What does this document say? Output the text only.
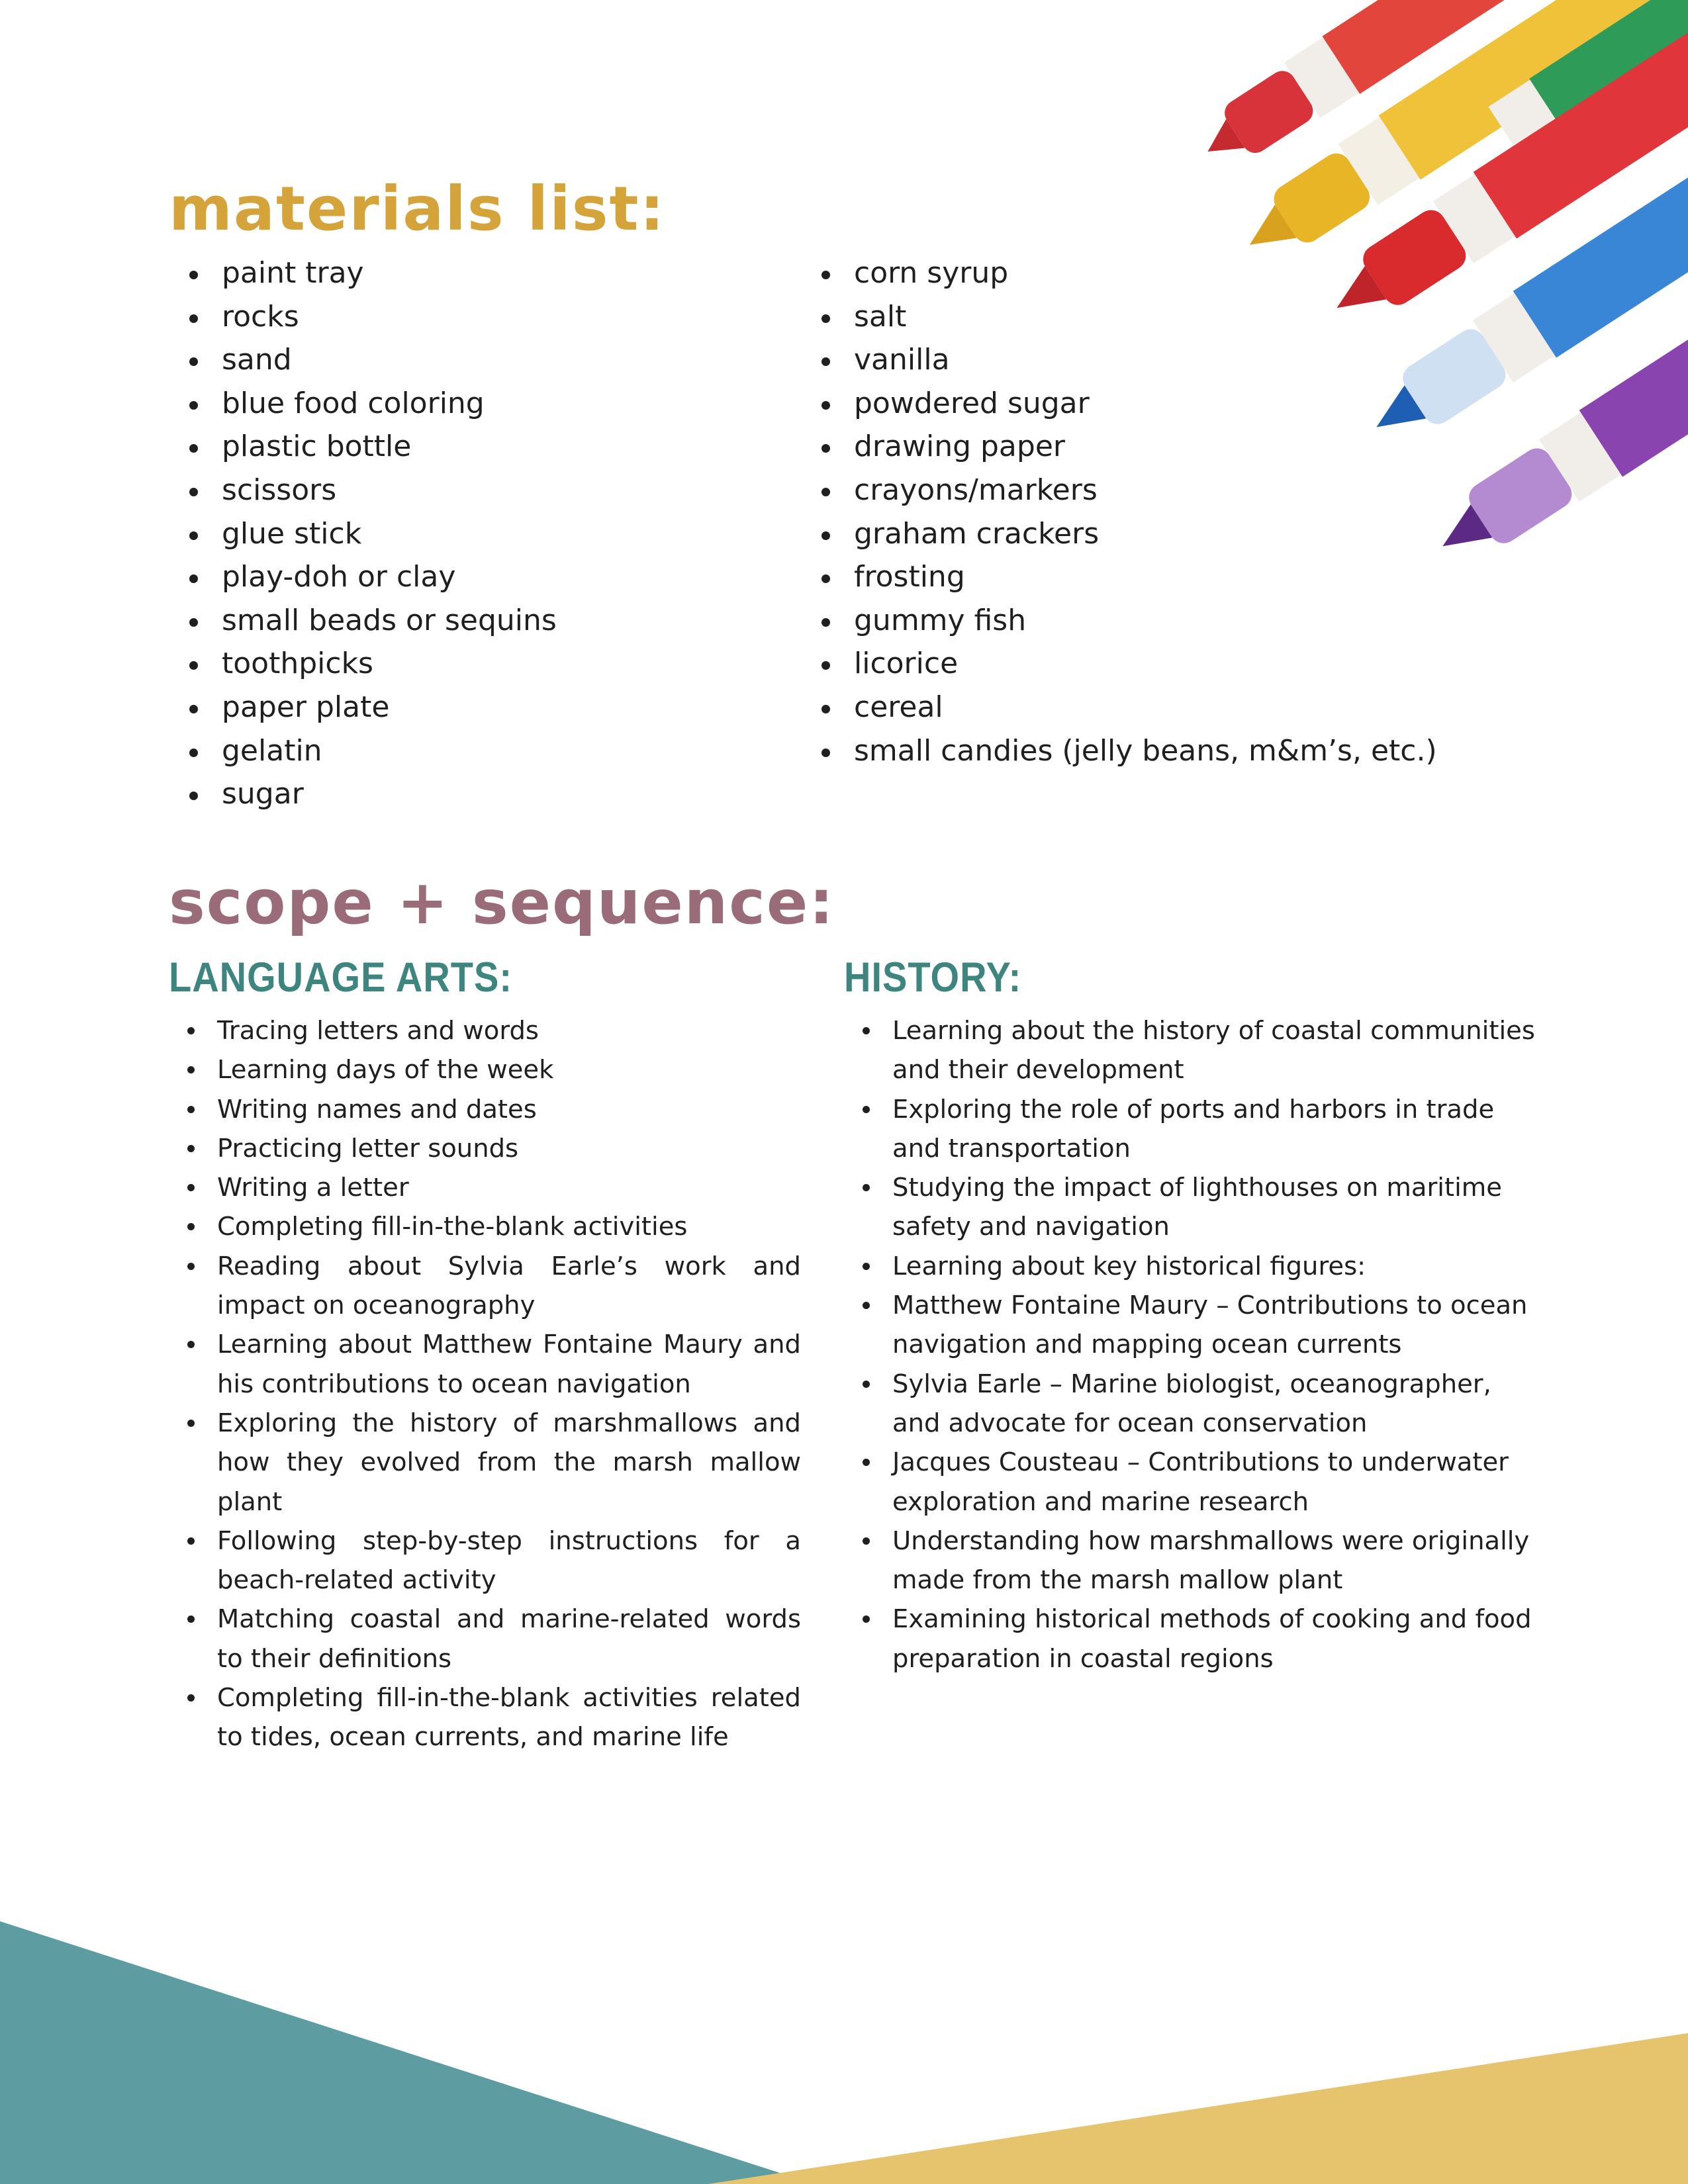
materials list:
paint tray
rocks
sand
blue food coloring
plastic bottle
scissors
glue stick
play-doh or clay
small beads or sequins
toothpicks
paper plate
gelatin
sugar
corn syrup
salt
vanilla
powdered sugar
drawing paper
crayons/markers
graham crackers
frosting
gummy fish
licorice
cereal
small candies (jelly beans, m&m’s, etc.)
scope + sequence:
LANGUAGE ARTS:	HISTORY:
Tracing letters and words
Learning days of the week
Writing names and dates
Practicing letter sounds
Writing a letter
Completing fill-in-the-blank activities
Reading about Sylvia Earle’s work and impact on oceanography
Learning about Matthew Fontaine Maury and his contributions to ocean navigation
Exploring the history of marshmallows and how they evolved from the marsh mallow plant
Following step-by-step instructions for a beach-related activity
Matching coastal and marine-related words to their definitions
Completing fill-in-the-blank activities related to tides, ocean currents, and marine life
Learning about the history of coastal communities and their development
Exploring the role of ports and harbors in trade and transportation
Studying the impact of lighthouses on maritime safety and navigation
Learning about key historical figures:
Matthew Fontaine Maury – Contributions to ocean navigation and mapping ocean currents
Sylvia Earle – Marine biologist, oceanographer, and advocate for ocean conservation
Jacques Cousteau – Contributions to underwater exploration and marine research
Understanding how marshmallows were originally made from the marsh mallow plant
Examining historical methods of cooking and food preparation in coastal regions
